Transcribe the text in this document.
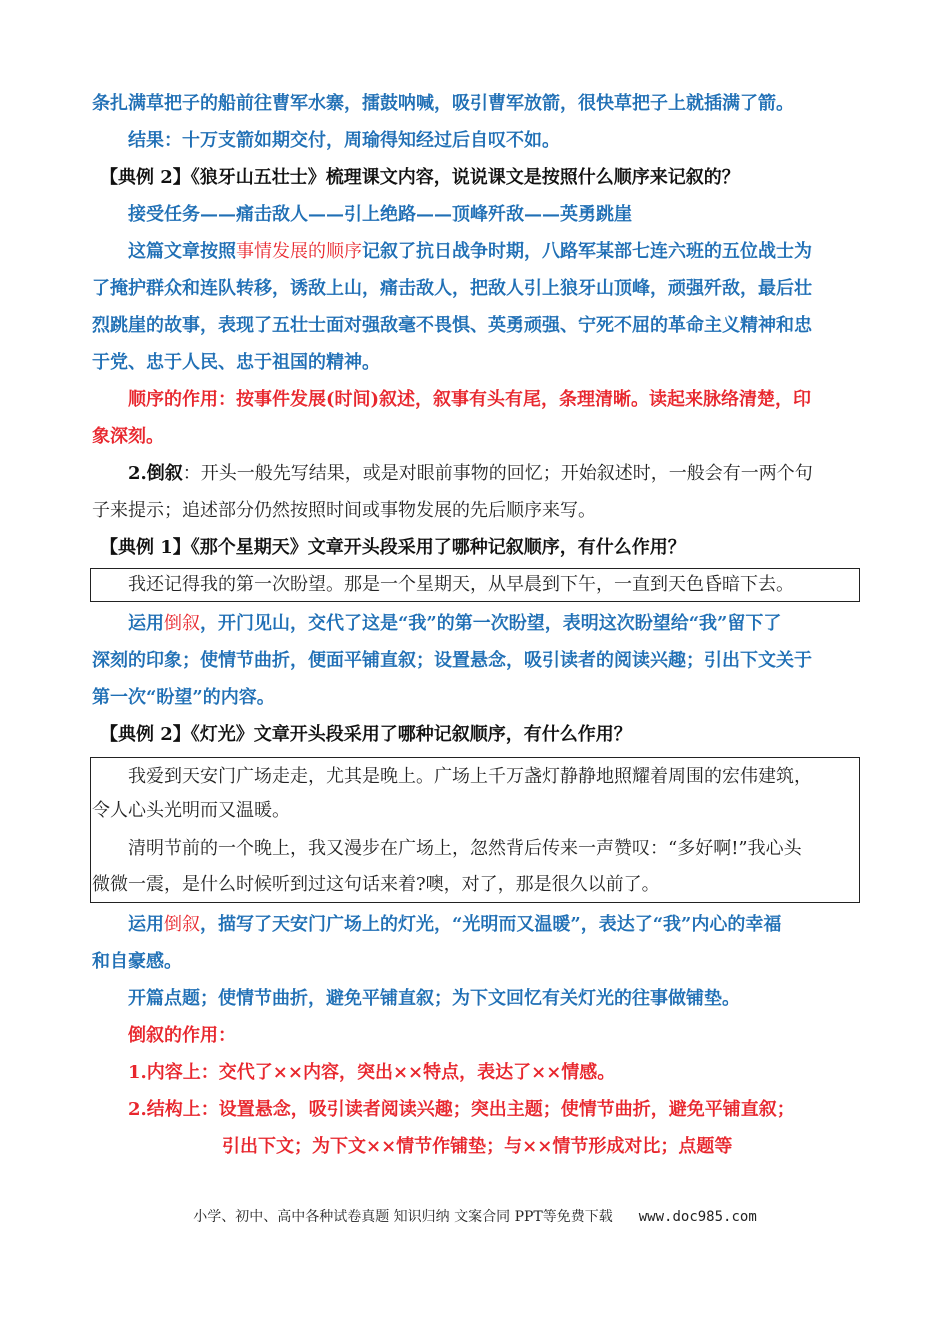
条扎满草把子的船前往曹军水寨，擂鼓呐喊，吸引曹军放箭，很快草把子上就插满了箭。
结果：十万支箭如期交付，周瑜得知经过后自叹不如。
【典例 2】《狼牙山五壮士》梳理课文内容，说说课文是按照什么顺序来记叙的？
接受任务——痛击敌人——引上绝路——顶峰歼敌——英勇跳崖
这篇文章按照事情发展的顺序记叙了抗日战争时期，八路军某部七连六班的五位战士为
了掩护群众和连队转移，诱敌上山，痛击敌人，把敌人引上狼牙山顶峰，顽强歼敌，最后壮
烈跳崖的故事，表现了五壮士面对强敌毫不畏惧、英勇顽强、宁死不屈的革命主义精神和忠
于党、忠于人民、忠于祖国的精神。
顺序的作用：按事件发展(时间)叙述，叙事有头有尾，条理清晰。读起来脉络清楚，印
象深刻。
2.倒叙：开头一般先写结果，或是对眼前事物的回忆；开始叙述时，一般会有一两个句
子来提示；追述部分仍然按照时间或事物发展的先后顺序来写。
【典例 1】《那个星期天》文章开头段采用了哪种记叙顺序，有什么作用？
我还记得我的第一次盼望。那是一个星期天，从早晨到下午，一直到天色昏暗下去。
运用倒叙，开门见山，交代了这是“我”的第一次盼望，表明这次盼望给“我”留下了
深刻的印象；使情节曲折，便面平铺直叙；设置悬念，吸引读者的阅读兴趣；引出下文关于
第一次“盼望”的内容。
【典例 2】《灯光》文章开头段采用了哪种记叙顺序，有什么作用？
我爱到天安门广场走走，尤其是晚上。广场上千万盏灯静静地照耀着周围的宏伟建筑，
令人心头光明而又温暖。
清明节前的一个晚上，我又漫步在广场上，忽然背后传来一声赞叹：“多好啊!”我心头
微微一震，是什么时候听到过这句话来着?噢，对了，那是很久以前了。
运用倒叙，描写了天安门广场上的灯光，“光明而又温暖”，表达了“我”内心的幸福
和自豪感。
开篇点题；使情节曲折，避免平铺直叙；为下文回忆有关灯光的往事做铺垫。
倒叙的作用：
1.内容上：交代了××内容，突出××特点，表达了××情感。
2.结构上：设置悬念，吸引读者阅读兴趣；突出主题；使情节曲折，避免平铺直叙；
引出下文；为下文××情节作铺垫；与××情节形成对比；点题等
小学、初中、高中各种试卷真题 知识归纳 文案合同 PPT等免费下载 www.doc985.com
